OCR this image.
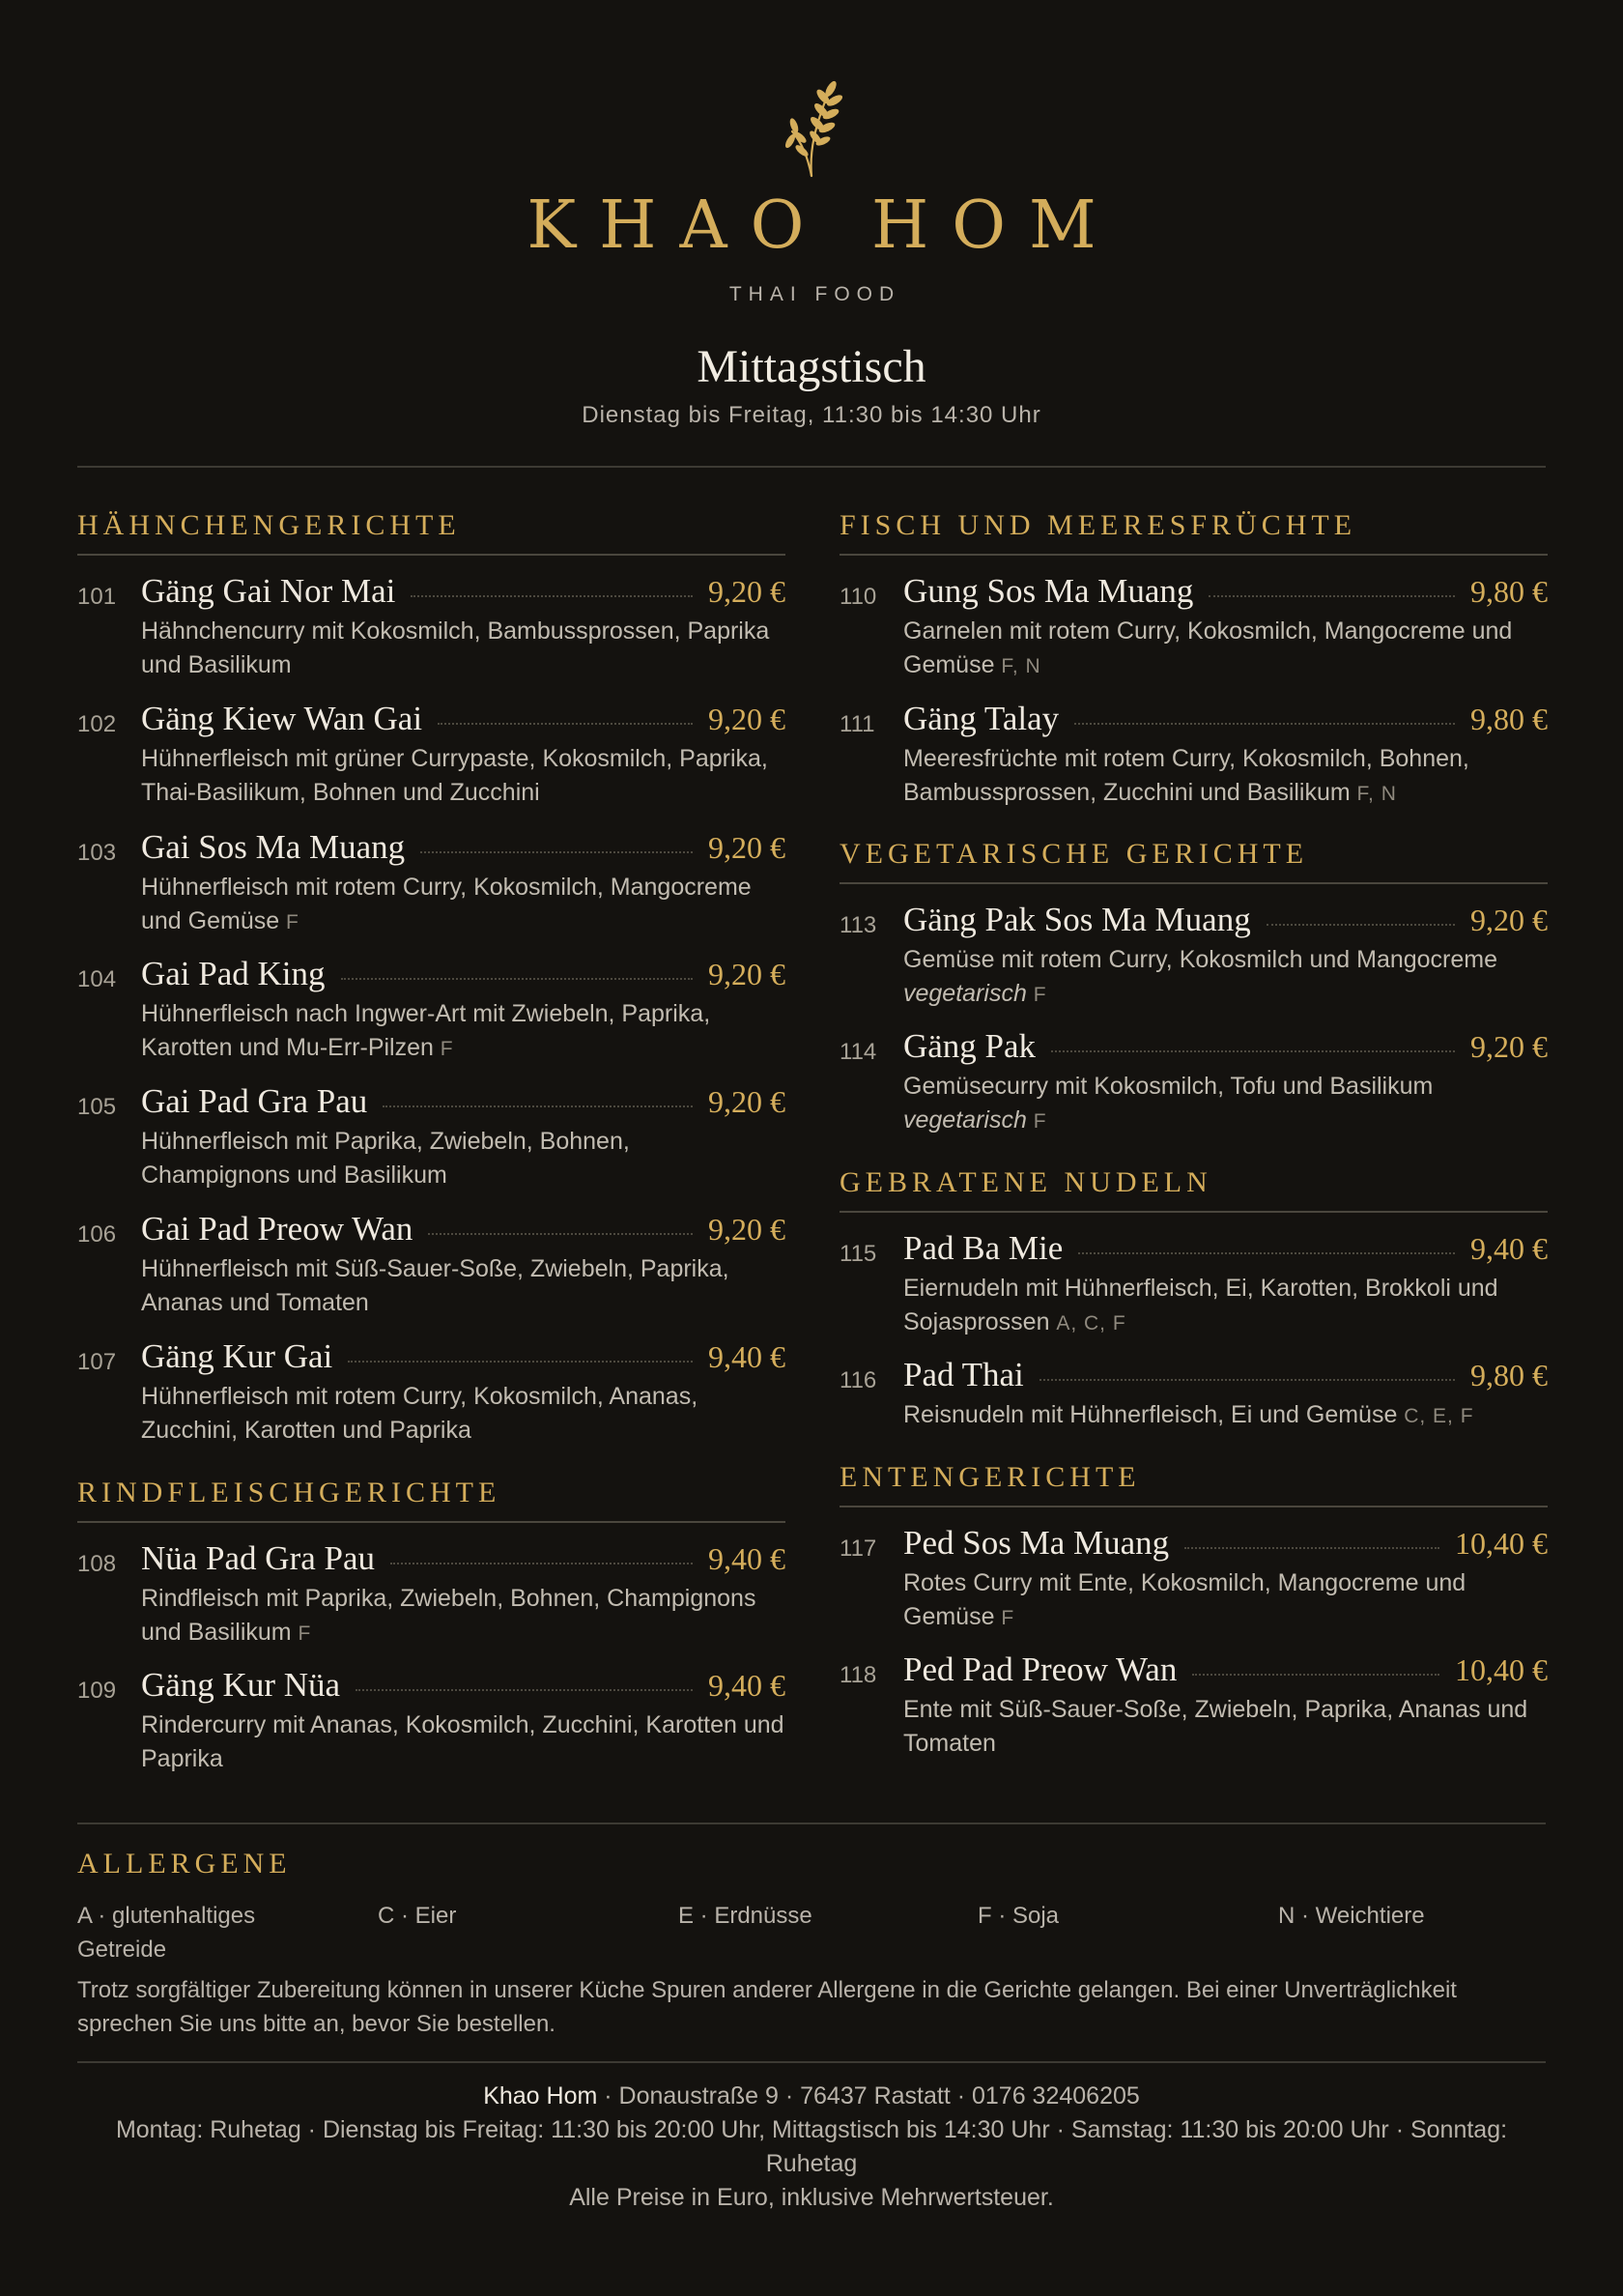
KHAO HOM
THAI FOOD
Mittagstisch
Dienstag bis Freitag, 11:30 bis 14:30 Uhr
HÄHNCHENGERICHTE
101 Gäng Gai Nor Mai	9,20 €
Hähnchencurry mit Kokosmilch, Bambussprossen, Paprika und Basilikum
102 Gäng Kiew Wan Gai	9,20 €
Hühnerfleisch mit grüner Currypaste, Kokosmilch, Paprika, Thai-Basilikum, Bohnen und Zucchini
103 Gai Sos Ma Muang	9,20 €
Hühnerfleisch mit rotem Curry, Kokosmilch, Mangocreme und Gemüse F
104 Gai Pad King	9,20 €
Hühnerfleisch nach Ingwer-Art mit Zwiebeln, Paprika, Karotten und Mu-Err-Pilzen F
105 Gai Pad Gra Pau	9,20 €
Hühnerfleisch mit Paprika, Zwiebeln, Bohnen, Champignons und Basilikum
106 Gai Pad Preow Wan	9,20 €
Hühnerfleisch mit Süß-Sauer-Soße, Zwiebeln, Paprika, Ananas und Tomaten
107 Gäng Kur Gai	9,40 €
Hühnerfleisch mit rotem Curry, Kokosmilch, Ananas, Zucchini, Karotten und Paprika
RINDFLEISCHGERICHTE
108 Nüa Pad Gra Pau	9,40 €
Rindfleisch mit Paprika, Zwiebeln, Bohnen, Champignons und Basilikum F
109 Gäng Kur Nüa	9,40 €
Rindercurry mit Ananas, Kokosmilch, Zucchini, Karotten und Paprika
FISCH UND MEERESFRÜCHTE
110 Gung Sos Ma Muang	9,80 €
Garnelen mit rotem Curry, Kokosmilch, Mangocreme und Gemüse F, N
111 Gäng Talay	9,80 €
Meeresfrüchte mit rotem Curry, Kokosmilch, Bohnen, Bambussprossen, Zucchini und Basilikum F, N
VEGETARISCHE GERICHTE
113 Gäng Pak Sos Ma Muang	9,20 €
Gemüse mit rotem Curry, Kokosmilch und Mangocreme
vegetarisch F
114 Gäng Pak	9,20 €
Gemüsecurry mit Kokosmilch, Tofu und Basilikum
vegetarisch F
GEBRATENE NUDELN
115 Pad Ba Mie	9,40 €
Eiernudeln mit Hühnerfleisch, Ei, Karotten, Brokkoli und Sojasprossen A, C, F
116 Pad Thai	9,80 €
Reisnudeln mit Hühnerfleisch, Ei und Gemüse C, E, F
ENTENGERICHTE
117 Ped Sos Ma Muang	10,40 €
Rotes Curry mit Ente, Kokosmilch, Mangocreme und Gemüse F
118 Ped Pad Preow Wan	10,40 €
Ente mit Süß-Sauer-Soße, Zwiebeln, Paprika, Ananas und Tomaten
ALLERGENE
A · glutenhaltiges Getreide
C · Eier	E · Erdnüsse	F · Soja	N · Weichtiere
Trotz sorgfältiger Zubereitung können in unserer Küche Spuren anderer Allergene in die Gerichte gelangen. Bei einer Unverträglichkeit sprechen Sie uns bitte an, bevor Sie bestellen.
Khao Hom · Donaustraße 9 · 76437 Rastatt · 0176 32406205
Montag: Ruhetag · Dienstag bis Freitag: 11:30 bis 20:00 Uhr, Mittagstisch bis 14:30 Uhr · Samstag: 11:30 bis 20:00 Uhr · Sonntag: Ruhetag
Alle Preise in Euro, inklusive Mehrwertsteuer.
